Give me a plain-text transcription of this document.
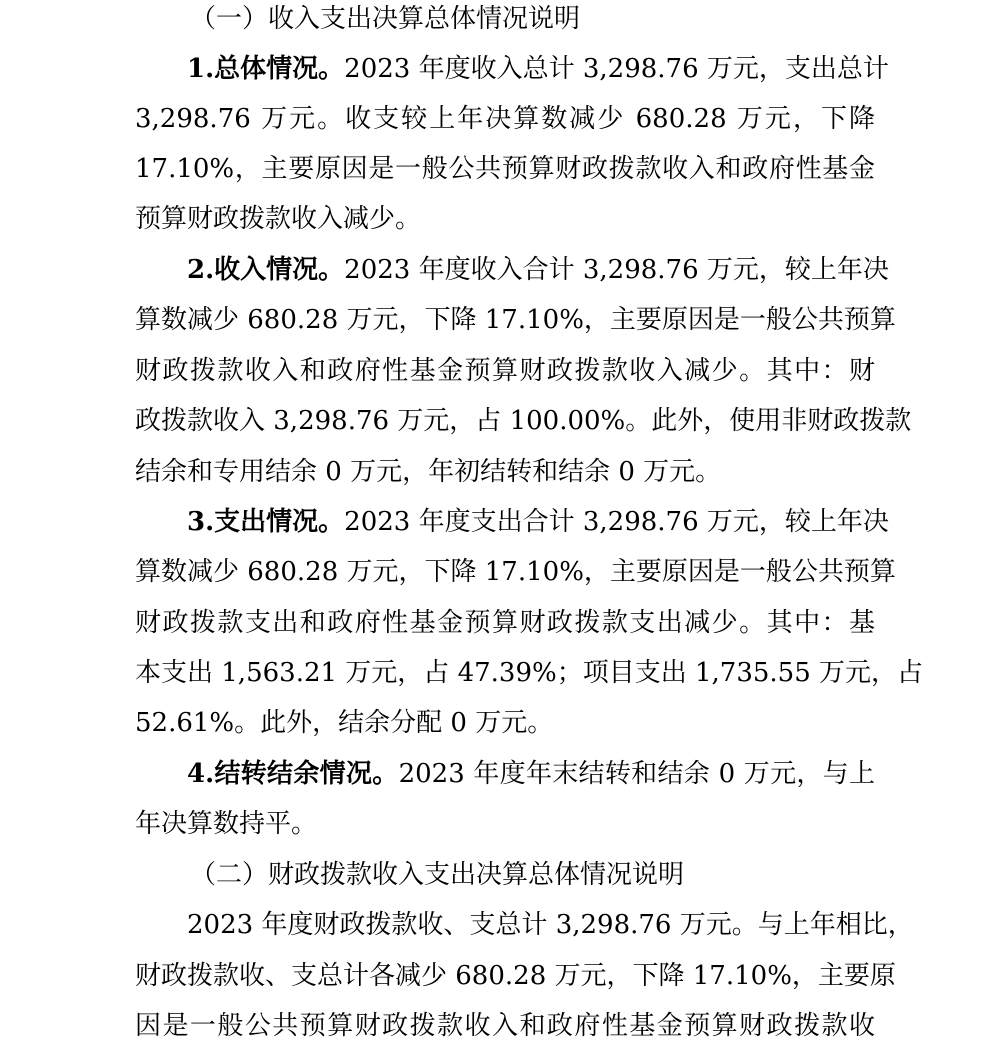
（一）收入支出决算总体情况说明
1.总体情况。2023 年度收入总计 3,298.76 万元，支出总计
3,298.76 万元。收支较上年决算数减少 680.28 万元，下降
17.10%，主要原因是一般公共预算财政拨款收入和政府性基金
预算财政拨款收入减少。
2.收入情况。2023 年度收入合计 3,298.76 万元，较上年决
算数减少 680.28 万元，下降 17.10%，主要原因是一般公共预算
财政拨款收入和政府性基金预算财政拨款收入减少。其中：财
政拨款收入 3,298.76 万元，占 100.00%。此外，使用非财政拨款
结余和专用结余 0 万元，年初结转和结余 0 万元。
3.支出情况。2023 年度支出合计 3,298.76 万元，较上年决
算数减少 680.28 万元，下降 17.10%，主要原因是一般公共预算
财政拨款支出和政府性基金预算财政拨款支出减少。其中：基
本支出 1,563.21 万元，占 47.39%；项目支出 1,735.55 万元，占
52.61%。此外，结余分配 0 万元。
4.结转结余情况。2023 年度年末结转和结余 0 万元，与上
年决算数持平。
（二）财政拨款收入支出决算总体情况说明
2023 年度财政拨款收、支总计 3,298.76 万元。与上年相比，
财政拨款收、支总计各减少 680.28 万元，下降 17.10%，主要原
因是一般公共预算财政拨款收入和政府性基金预算财政拨款收
